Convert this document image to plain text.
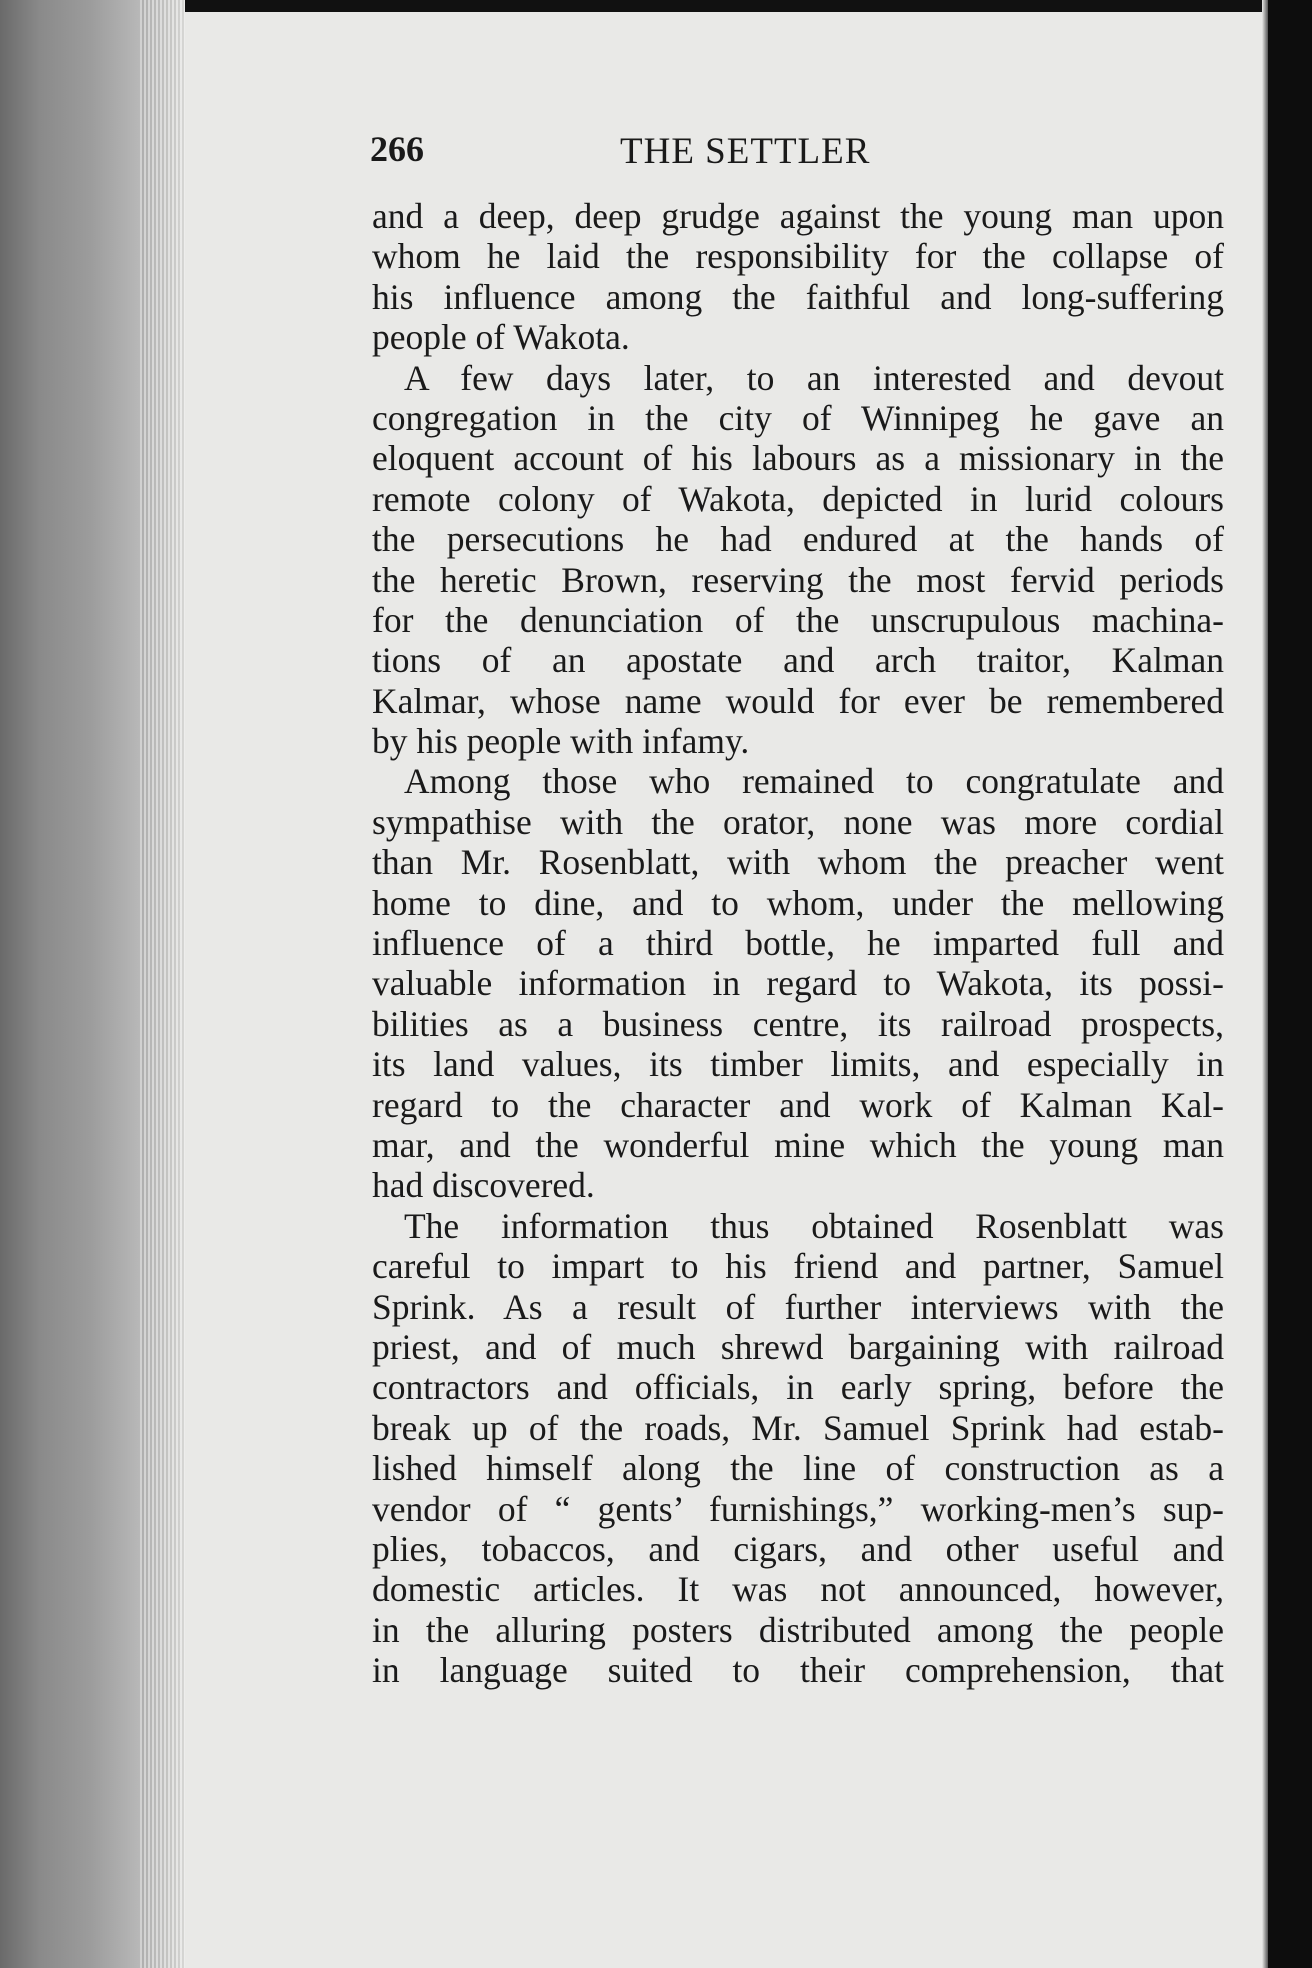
266	THE SETTLER
and a deep, deep grudge against the young man upon
whom he laid the responsibility for the collapse of
his influence among the faithful and long-suffering
people of Wakota.
A few days later, to an interested and devout
congregation in the city of Winnipeg he gave an
eloquent account of his labours as a missionary in the
remote colony of Wakota, depicted in lurid colours
the persecutions he had endured at the hands of
the heretic Brown, reserving the most fervid periods
for the denunciation of the unscrupulous machina-
tions of an apostate and arch traitor, Kalman
Kalmar, whose name would for ever be remembered
by his people with infamy.
Among those who remained to congratulate and
sympathise with the orator, none was more cordial
than Mr. Rosenblatt, with whom the preacher went
home to dine, and to whom, under the mellowing
influence of a third bottle, he imparted full and
valuable information in regard to Wakota, its possi-
bilities as a business centre, its railroad prospects,
its land values, its timber limits, and especially in
regard to the character and work of Kalman Kal-
mar, and the wonderful mine which the young man
had discovered.
The information thus obtained Rosenblatt was
careful to impart to his friend and partner, Samuel
Sprink. As a result of further interviews with the
priest, and of much shrewd bargaining with railroad
contractors and officials, in early spring, before the
break up of the roads, Mr. Samuel Sprink had estab-
lished himself along the line of construction as a
vendor of “ gents’ furnishings,” working-men’s sup-
plies, tobaccos, and cigars, and other useful and
domestic articles. It was not announced, however,
in the alluring posters distributed among the people
in language suited to their comprehension, that
